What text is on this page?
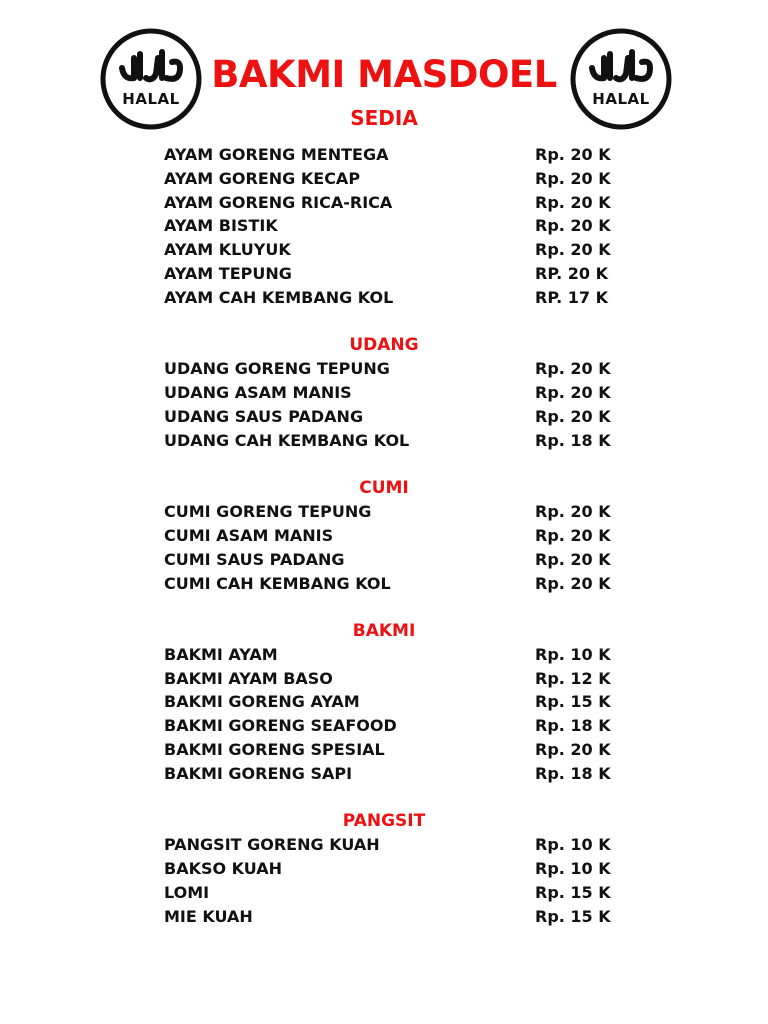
HALAL
BAKMI MASDOEL
HALAL
SEDIA
AYAM GORENG MENTEGA	Rp. 20 K
AYAM GORENG KECAP	Rp. 20 K
AYAM GORENG RICA-RICA	Rp. 20 K
AYAM BISTIK	Rp. 20 K
AYAM KLUYUK	Rp. 20 K
AYAM TEPUNG	RP. 20 K
AYAM CAH KEMBANG KOL	RP. 17 K
UDANG
UDANG GORENG TEPUNG	Rp. 20 K
UDANG ASAM MANIS	Rp. 20 K
UDANG SAUS PADANG	Rp. 20 K
UDANG CAH KEMBANG KOL	Rp. 18 K
CUMI
CUMI GORENG TEPUNG	Rp. 20 K
CUMI ASAM MANIS	Rp. 20 K
CUMI SAUS PADANG	Rp. 20 K
CUMI CAH KEMBANG KOL	Rp. 20 K
BAKMI
BAKMI AYAM	Rp. 10 K
BAKMI AYAM BASO	Rp. 12 K
BAKMI GORENG AYAM	Rp. 15 K
BAKMI GORENG SEAFOOD	Rp. 18 K
BAKMI GORENG SPESIAL	Rp. 20 K
BAKMI GORENG SAPI	Rp. 18 K
PANGSIT
PANGSIT GORENG KUAH	Rp. 10 K
BAKSO KUAH	Rp. 10 K
LOMI	Rp. 15 K
MIE KUAH	Rp. 15 K
